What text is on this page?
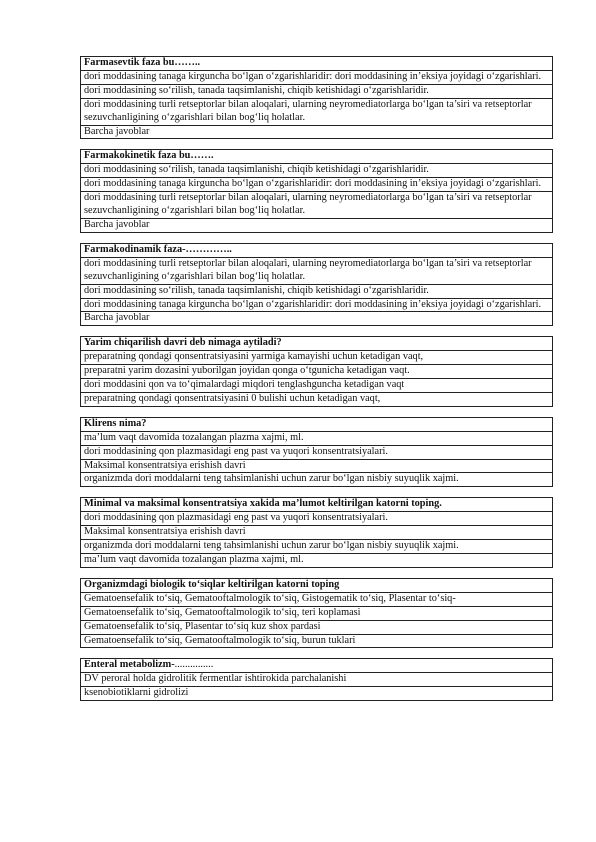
Farmasevtik faza bu……..
dori moddasining tanaga kirguncha bo‘lgan o‘zgarishlaridir: dori moddasining in’eksiya joyidagi o‘zgarishlari.
dori moddasining so‘rilish, tanada taqsimlanishi, chiqib ketishidagi o‘zgarishlaridir.
dori moddasining turli retseptorlar bilan aloqalari, ularning neyromediatorlarga bo‘lgan ta’siri va retseptorlar sezuvchanligining o‘zgarishlari bilan bog‘liq holatlar.
Barcha javoblar
Farmakokinetik faza bu…….
dori moddasining so‘rilish, tanada taqsimlanishi, chiqib ketishidagi o‘zgarishlaridir.
dori moddasining tanaga kirguncha bo‘lgan o‘zgarishlaridir: dori moddasining in’eksiya joyidagi o‘zgarishlari.
dori moddasining turli retseptorlar bilan aloqalari, ularning neyromediatorlarga bo‘lgan ta’siri va retseptorlar sezuvchanligining o‘zgarishlari bilan bog‘liq holatlar.
Barcha javoblar
Farmakodinamik faza-…………..
dori moddasining turli retseptorlar bilan aloqalari, ularning neyromediatorlarga bo‘lgan ta’siri va retseptorlar sezuvchanligining o‘zgarishlari bilan bog‘liq holatlar.
dori moddasining so‘rilish, tanada taqsimlanishi, chiqib ketishidagi o‘zgarishlaridir.
dori moddasining tanaga kirguncha bo‘lgan o‘zgarishlaridir: dori moddasining in’eksiya joyidagi o‘zgarishlari.
Barcha javoblar
Yarim chiqarilish davri deb nimaga aytiladi?
preparatning qondagi qonsentratsiyasini yarmiga kamayishi uchun ketadigan vaqt,
preparatni yarim dozasini yuborilgan joyidan qonga o‘tgunicha ketadigan vaqt.
dori moddasini qon va to‘qimalardagi miqdori tenglashguncha ketadigan vaqt
preparatning qondagi qonsentratsiyasini 0 bulishi uchun ketadigan vaqt,
Klirens nima?
ma’lum vaqt davomida tozalangan plazma xajmi, ml.
dori moddasining qon plazmasidagi eng past va yuqori konsentratsiyalari.
Maksimal konsentratsiya erishish davri
organizmda dori moddalarni teng tahsimlanishi uchun zarur bo‘lgan nisbiy suyuqlik xajmi.
Minimal va maksimal konsentratsiya xakida ma’lumot keltirilgan katorni toping.
dori moddasining qon plazmasidagi eng past va yuqori konsentratsiyalari.
Maksimal konsentratsiya erishish davri
organizmda dori moddalarni teng tahsimlanishi uchun zarur bo‘lgan nisbiy suyuqlik xajmi.
ma’lum vaqt davomida tozalangan plazma xajmi, ml.
Organizmdagi biologik to‘siqlar keltirilgan katorni toping
Gematoensefalik to‘siq, Gematooftalmologik to‘siq, Gistogematik to‘siq, Plasentar to‘siq-
Gematoensefalik to‘siq, Gematooftalmologik to‘siq, teri koplamasi
Gematoensefalik to‘siq, Plasentar to‘siq kuz shox pardasi
Gematoensefalik to‘siq, Gematooftalmologik to‘siq, burun tuklari
Enteral metabolizm-...............
DV peroral holda gidrolitik fermentlar ishtirokida parchalanishi
ksenobiotiklarni gidrolizi
